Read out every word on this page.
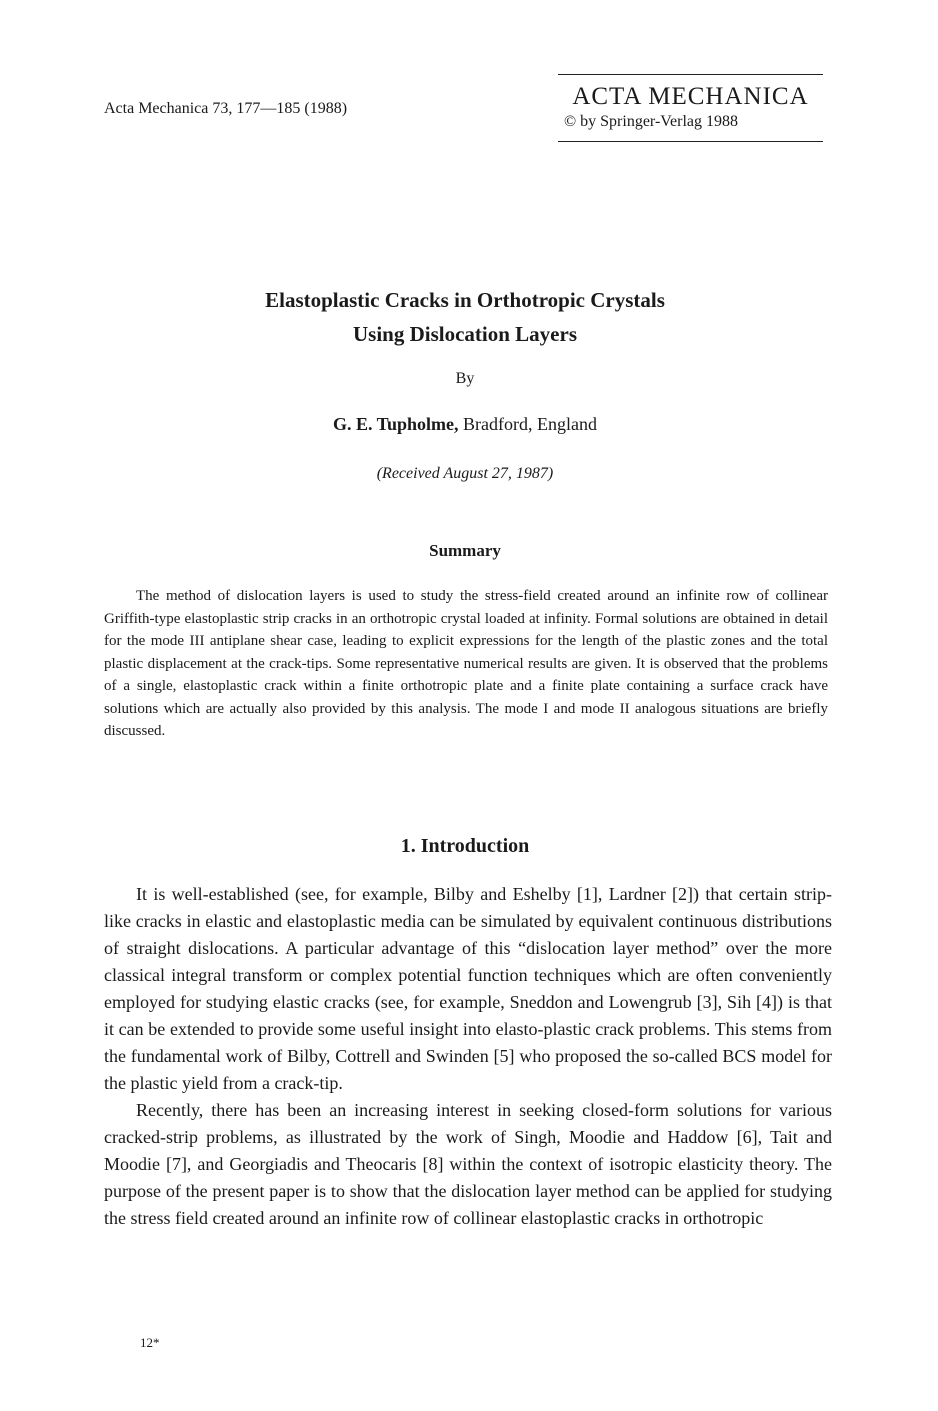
Acta Mechanica 73, 177—185 (1988)	ACTA MECHANICA
© by Springer-Verlag 1988
Elastoplastic Cracks in Orthotropic Crystals
Using Dislocation Layers
By
G. E. Tupholme, Bradford, England
(Received August 27, 1987)
Summary

The method of dislocation layers is used to study the stress-field created around an infinite row of collinear Griffith-type elastoplastic strip cracks in an orthotropic crystal loaded at infinity. Formal solutions are obtained in detail for the mode III antiplane shear case, leading to explicit expressions for the length of the plastic zones and the total plastic displacement at the crack-tips. Some representative numerical results are given. It is observed that the problems of a single, elastoplastic crack within a finite orthotropic plate and a finite plate containing a surface crack have solutions which are actually also provided by this analysis. The mode I and mode II analogous situations are briefly discussed.

1. Introduction

It is well-established (see, for example, Bilby and Eshelby [1], Lardner [2]) that certain strip-like cracks in elastic and elastoplastic media can be simulated by equivalent continuous distributions of straight dislocations. A particular advantage of this “dislocation layer method” over the more classical integral transform or complex potential function techniques which are often conveniently employed for studying elastic cracks (see, for example, Sneddon and Lowengrub [3], Sih [4]) is that it can be extended to provide some useful insight into elasto-plastic crack problems. This stems from the fundamental work of Bilby, Cottrell and Swinden [5] who proposed the so-called BCS model for the plastic yield from a crack-tip.

Recently, there has been an increasing interest in seeking closed-form solutions for various cracked-strip problems, as illustrated by the work of Singh, Moodie and Haddow [6], Tait and Moodie [7], and Georgiadis and Theocaris [8] within the context of isotropic elasticity theory. The purpose of the present paper is to show that the dislocation layer method can be applied for studying the stress field created around an infinite row of collinear elastoplastic cracks in orthotropic

12*
